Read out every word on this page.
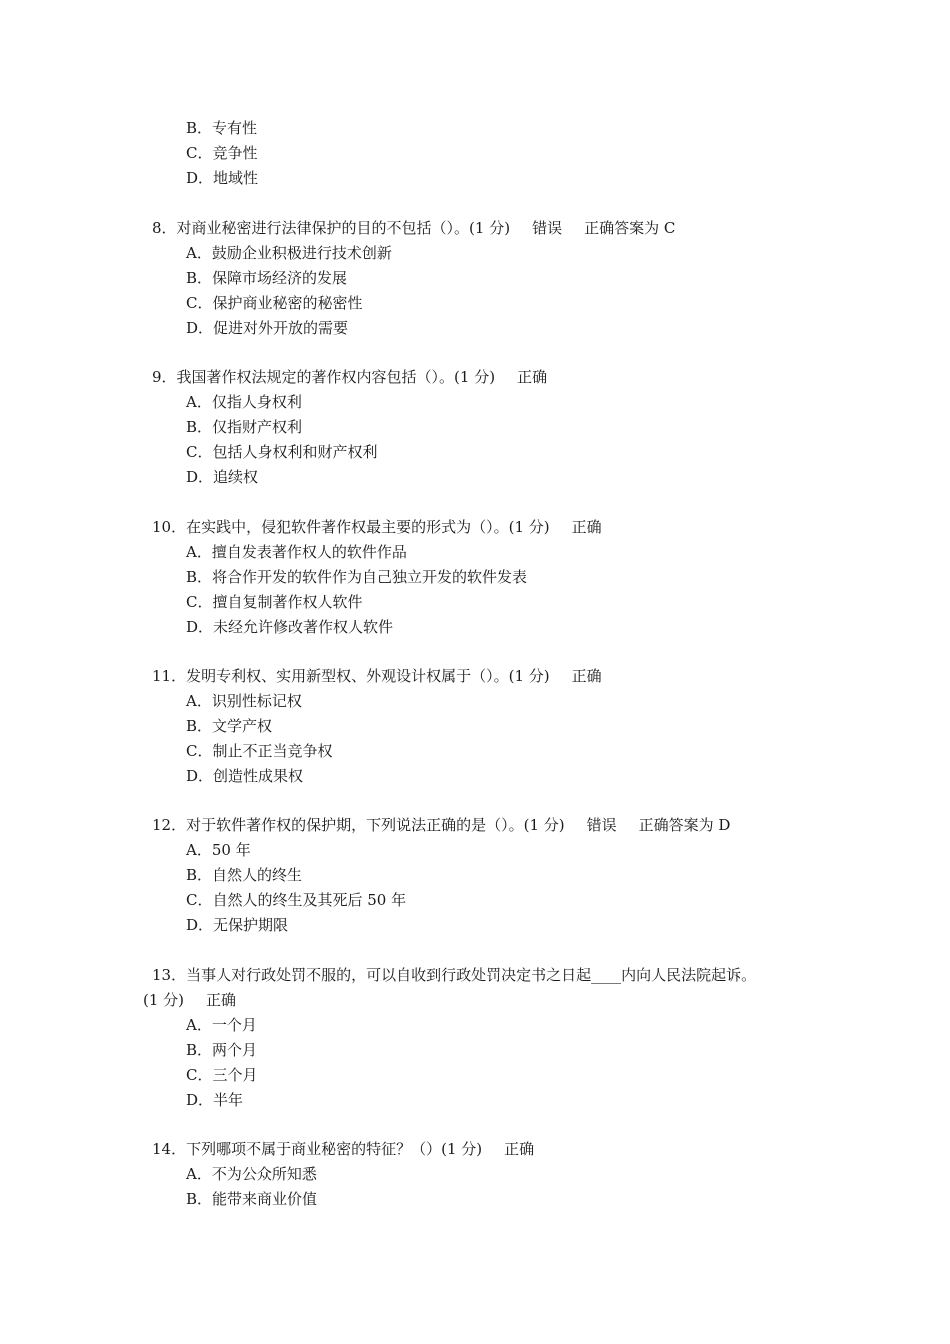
B．专有性
C．竞争性
D．地域性
8．对商业秘密进行法律保护的目的不包括（）。(1 分) 错误 正确答案为 C
A．鼓励企业积极进行技术创新
B．保障市场经济的发展
C．保护商业秘密的秘密性
D．促进对外开放的需要
9．我国著作权法规定的著作权内容包括（）。(1 分) 正确
A．仅指人身权利
B．仅指财产权利
C．包括人身权利和财产权利
D．追续权
10．在实践中，侵犯软件著作权最主要的形式为（）。(1 分) 正确
A．擅自发表著作权人的软件作品
B．将合作开发的软件作为自己独立开发的软件发表
C．擅自复制著作权人软件
D．未经允许修改著作权人软件
11．发明专利权、实用新型权、外观设计权属于（）。(1 分) 正确
A．识别性标记权
B．文学产权
C．制止不正当竞争权
D．创造性成果权
12．对于软件著作权的保护期，下列说法正确的是（）。(1 分) 错误 正确答案为 D
A．50 年
B．自然人的终生
C．自然人的终生及其死后 50 年
D．无保护期限
13．当事人对行政处罚不服的，可以自收到行政处罚决定书之日起____内向人民法院起诉。
(1 分) 正确
A．一个月
B．两个月
C．三个月
D．半年
14．下列哪项不属于商业秘密的特征？（）(1 分) 正确
A．不为公众所知悉
B．能带来商业价值
